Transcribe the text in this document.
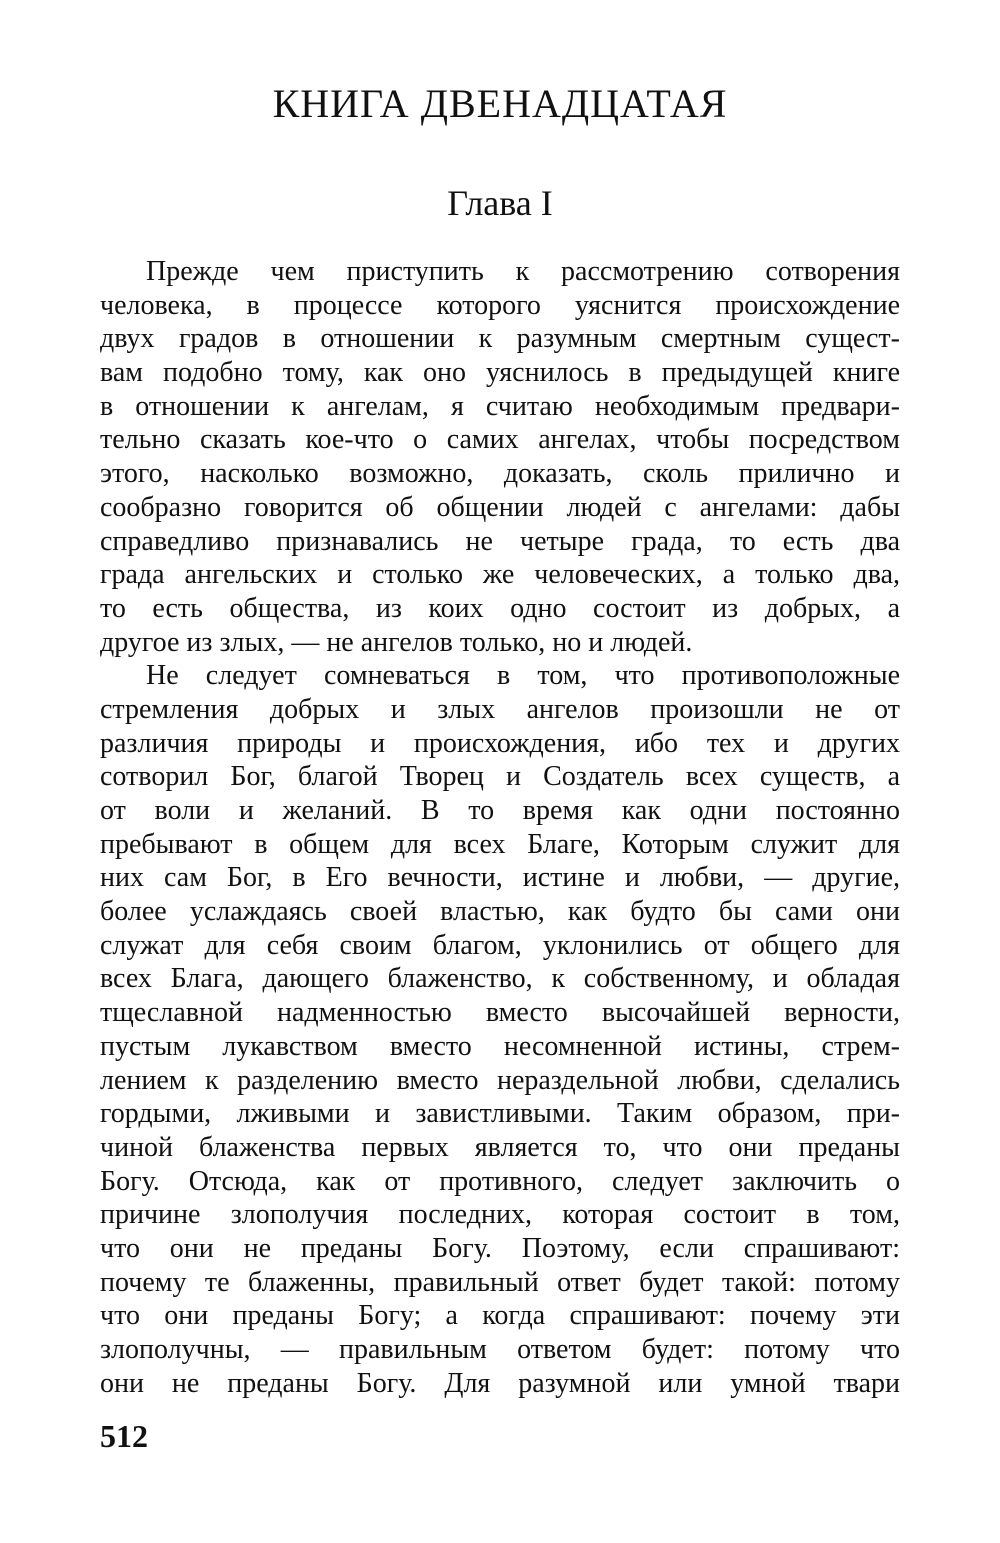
КНИГА ДВЕНАДЦАТАЯ
Глава I

Прежде чем приступить к рассмотрению сотворения
человека, в процессе которого уяснится происхождение
двух градов в отношении к разумным смертным сущест-
вам подобно тому, как оно уяснилось в предыдущей книге
в отношении к ангелам, я считаю необходимым предвари-
тельно сказать кое-что о самих ангелах, чтобы посредством
этого, насколько возможно, доказать, сколь прилично и
сообразно говорится об общении людей с ангелами: дабы
справедливо признавались не четыре града, то есть два
града ангельских и столько же человеческих, а только два,
то есть общества, из коих одно состоит из добрых, а
другое из злых, — не ангелов только, но и людей.

Не следует сомневаться в том, что противоположные
стремления добрых и злых ангелов произошли не от
различия природы и происхождения, ибо тех и других
сотворил Бог, благой Творец и Создатель всех существ, а
от воли и желаний. В то время как одни постоянно
пребывают в общем для всех Благе, Которым служит для
них сам Бог, в Его вечности, истине и любви, — другие,
более услаждаясь своей властью, как будто бы сами они
служат для себя своим благом, уклонились от общего для
всех Блага, дающего блаженство, к собственному, и обладая
тщеславной надменностью вместо высочайшей верности,
пустым лукавством вместо несомненной истины, стрем-
лением к разделению вместо нераздельной любви, сделались
гордыми, лживыми и завистливыми. Таким образом, при-
чиной блаженства первых является то, что они преданы
Богу. Отсюда, как от противного, следует заключить о
причине злополучия последних, которая состоит в том,
что они не преданы Богу. Поэтому, если спрашивают:
почему те блаженны, правильный ответ будет такой: потому
что они преданы Богу; а когда спрашивают: почему эти
злополучны, — правильным ответом будет: потому что
они не преданы Богу. Для разумной или умной твари

512
